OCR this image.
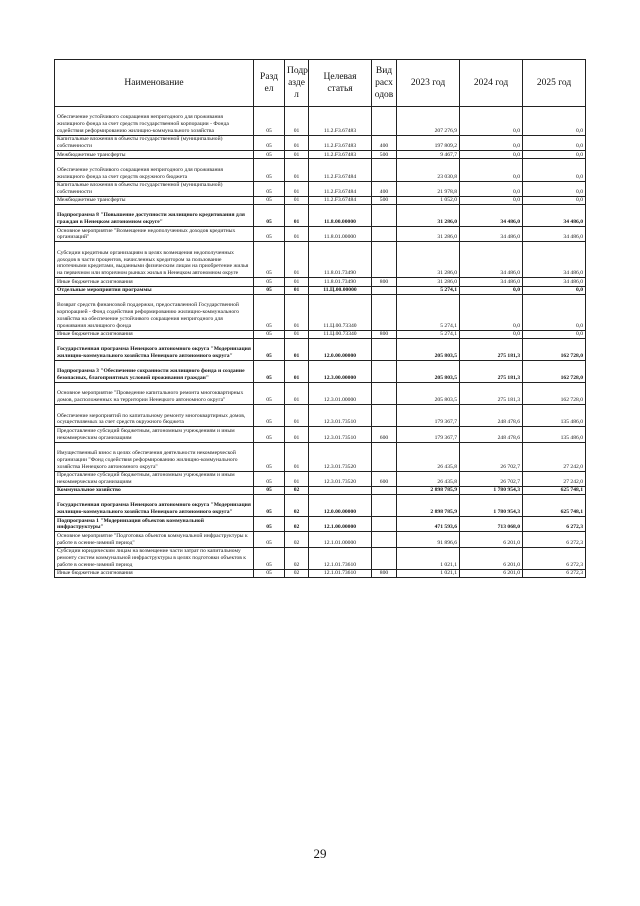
Наименование	Разд ел	Подр азде л	Целевая статья	Вид расх одов	2023 год	2024 год	2025 год
Обеспечение устойчивого сокращения непригодного для проживания жилищного фонда за счет средств государственной корпорации - Фонда содействия реформированию жилищно-коммунального хозяйства	05	01	11.2.F3.67483		207 276,9	0,0	0,0
Капитальные вложения в объекты государственной (муниципальной) собственности	05	01	11.2.F3.67483	400	197 809,2	0,0	0,0
Межбюджетные трансферты	05	01	11.2.F3.67483	500	9 467,7	0,0	0,0
Обеспечение устойчивого сокращения непригодного для проживания жилищного фонда за счет средств окружного бюджета	05	01	11.2.F3.67484		23 030,8	0,0	0,0
Капитальные вложения в объекты государственной (муниципальной) собственности	05	01	11.2.F3.67484	400	21 978,8	0,0	0,0
Межбюджетные трансферты	05	01	11.2.F3.67484	500	1 052,0	0,0	0,0
Подпрограмма 8 "Повышение доступности жилищного кредитования для граждан в Ненецком автономном округе"	05	01	11.8.00.00000		31 286,0	34 486,0	34 486,0
Основное мероприятие "Возмещение недополученных доходов кредитных организаций"	05	01	11.8.01.00000		31 286,0	34 486,0	34 486,0
Субсидии кредитным организациям в целях возмещения недополученных доходов в части процентов, начисленных кредитором за пользование ипотечными кредитами, выданными физическим лицам на приобретение жилья на первичном или вторичном рынках жилья в Ненецком автономном округе	05	01	11.8.01.73490		31 286,0	34 486,0	34 486,0
Иные бюджетные ассигнования	05	01	11.8.01.73490	800	31 286,0	34 486,0	34 486,0
Отдельные мероприятия программы	05	01	11.Ц.00.00000		5 274,1	0,0	0,0
Возврат средств финансовой поддержки, предоставленной Государственной корпорацией - Фонд содействия реформированию жилищно-коммунального хозяйства на обеспечение устойчивого сокращения непригодного для проживания жилищного фонда	05	01	11.Ц.00.73340		5 274,1	0,0	0,0
Иные бюджетные ассигнования	05	01	11.Ц.00.73340	800	5 274,1	0,0	0,0
Государственная программа Ненецкого автономного округа "Модернизация жилищно-коммунального хозяйства Ненецкого автономного округа"	05	01	12.0.00.00000		205 803,5	275 181,3	162 728,0
Подпрограмма 3 "Обеспечение сохранности жилищного фонда и создание безопасных, благоприятных условий проживания граждан"	05	01	12.3.00.00000		205 803,5	275 181,3	162 728,0
Основное мероприятие "Проведение капитального ремонта многоквартирных домов, расположенных на территории Ненецкого автономного округа"	05	01	12.3.01.00000		205 803,5	275 181,3	162 728,0
Обеспечение мероприятий по капитальному ремонту многоквартирных домов, осуществляемых за счет средств окружного бюджета	05	01	12.3.01.73510		179 367,7	248 478,6	135 486,0
Предоставление субсидий бюджетным, автономным учреждениям и иным некоммерческим организациям	05	01	12.3.01.73510	600	179 367,7	248 478,6	135 486,0
Имущественный взнос в целях обеспечения деятельности некоммерческой организации "Фонд содействия реформированию жилищно-коммунального хозяйства Ненецкого автономного округа"	05	01	12.3.01.73520		26 435,8	26 702,7	27 242,0
Предоставление субсидий бюджетным, автономным учреждениям и иным некоммерческим организациям	05	01	12.3.01.73520	600	26 435,8	26 702,7	27 242,0
Коммунальное хозяйство	05	02			2 898 785,9	1 780 954,3	625 748,1
Государственная программа Ненецкого автономного округа "Модернизация жилищно-коммунального хозяйства Ненецкого автономного округа"	05	02	12.0.00.00000		2 898 785,9	1 780 954,3	625 748,1
Подпрограмма 1 "Модернизация объектов коммунальной инфраструктуры"	05	02	12.1.00.00000		471 593,6	713 068,0	6 272,3
Основное мероприятие "Подготовка объектов коммунальной инфраструктуры к работе в осенне-зимний период"	05	02	12.1.01.00000		91 896,6	6 201,0	6 272,3
Субсидии юридическим лицам на возмещение части затрат по капитальному ремонту систем коммунальной инфраструктуры в целях подготовки объектов к работе в осенне-зимний период	05	02	12.1.01.73610		1 021,1	6 201,0	6 272,3
Иные бюджетные ассигнования	05	02	12.1.01.73610	800	1 021,1	6 201,0	6 272,3
29
